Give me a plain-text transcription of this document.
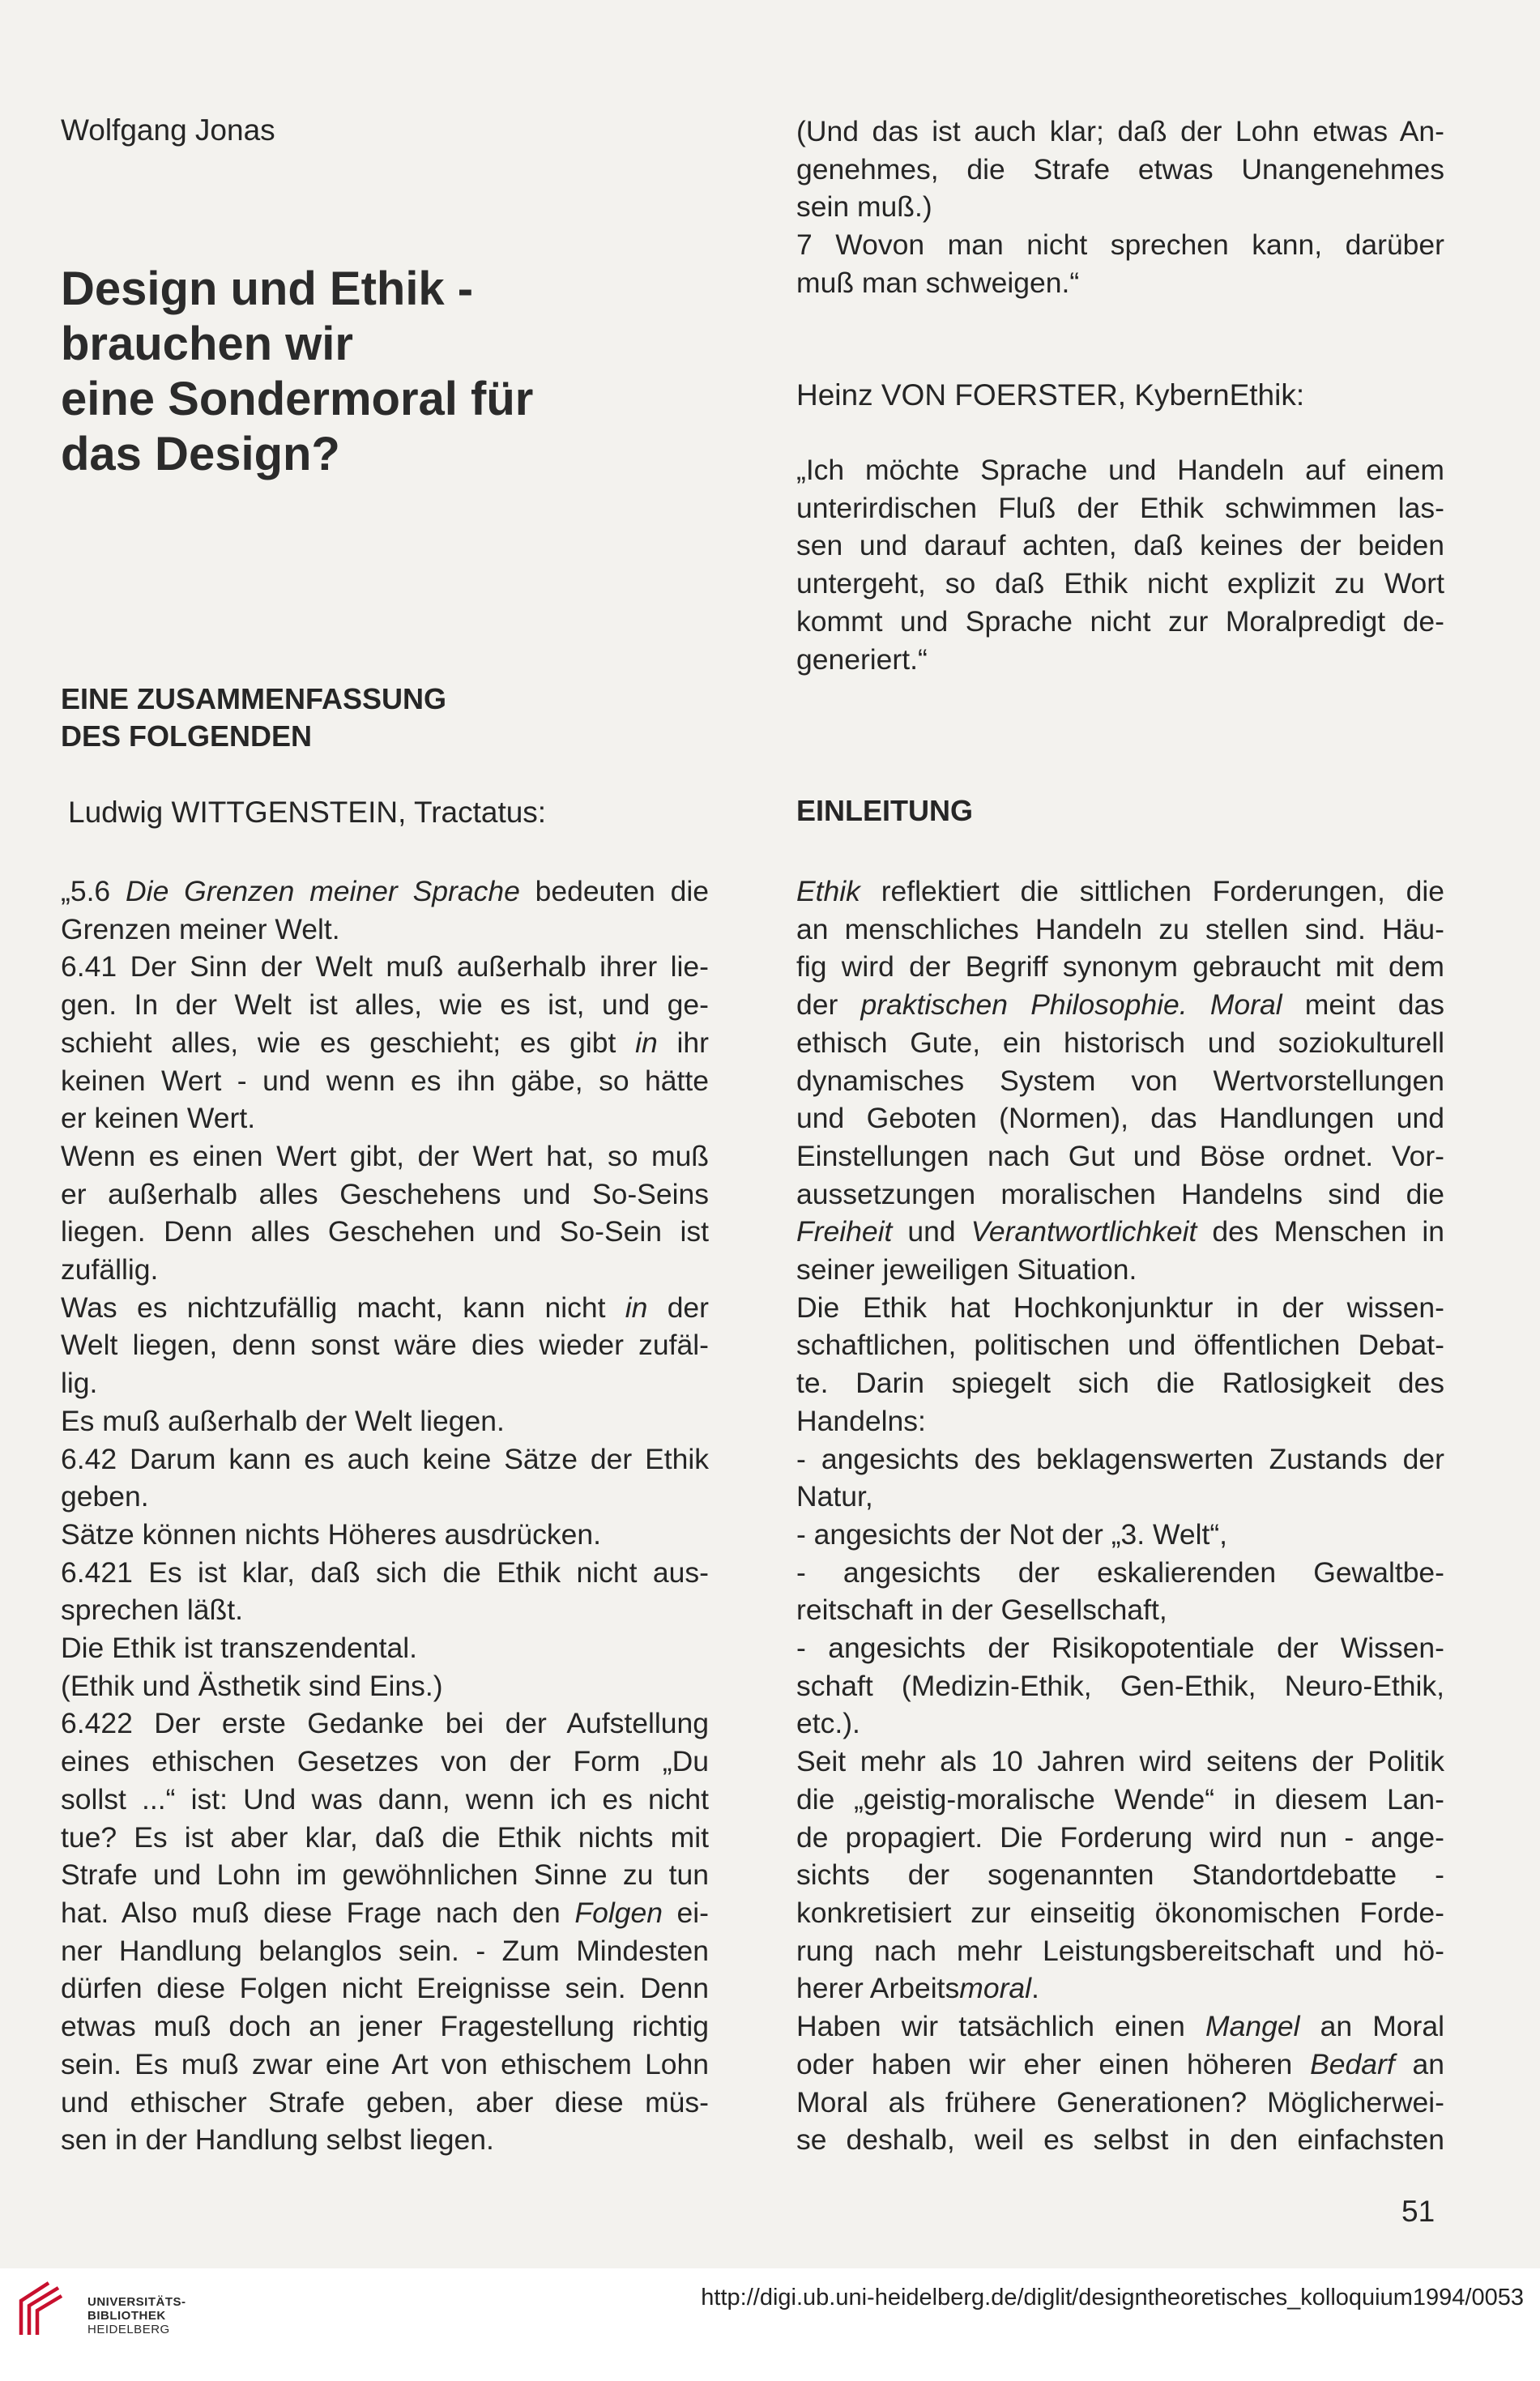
Wolfgang Jonas
Design und Ethik -
brauchen wir
eine Sondermoral für
das Design?
EINE ZUSAMMENFASSUNG
DES FOLGENDEN
Ludwig WITTGENSTEIN, Tractatus:

„5.6 Die Grenzen meiner Sprache bedeuten die

Grenzen meiner Welt.

6.41 Der Sinn der Welt muß außerhalb ihrer lie-

gen. In der Welt ist alles, wie es ist, und ge-

schieht alles, wie es geschieht; es gibt in ihr

keinen Wert - und wenn es ihn gäbe, so hätte

er keinen Wert.

Wenn es einen Wert gibt, der Wert hat, so muß

er außerhalb alles Geschehens und So-Seins

liegen. Denn alles Geschehen und So-Sein ist

zufällig.

Was es nichtzufällig macht, kann nicht in der

Welt liegen, denn sonst wäre dies wieder zufäl-

lig.

Es muß außerhalb der Welt liegen.

6.42 Darum kann es auch keine Sätze der Ethik

geben.

Sätze können nichts Höheres ausdrücken.

6.421 Es ist klar, daß sich die Ethik nicht aus-

sprechen läßt.

Die Ethik ist transzendental.

(Ethik und Ästhetik sind Eins.)

6.422 Der erste Gedanke bei der Aufstellung

eines ethischen Gesetzes von der Form „Du

sollst ...“ ist: Und was dann, wenn ich es nicht

tue? Es ist aber klar, daß die Ethik nichts mit

Strafe und Lohn im gewöhnlichen Sinne zu tun

hat. Also muß diese Frage nach den Folgen ei-

ner Handlung belanglos sein. - Zum Mindesten

dürfen diese Folgen nicht Ereignisse sein. Denn

etwas muß doch an jener Fragestellung richtig

sein. Es muß zwar eine Art von ethischem Lohn

und ethischer Strafe geben, aber diese müs-

sen in der Handlung selbst liegen.

(Und das ist auch klar; daß der Lohn etwas An-

genehmes, die Strafe etwas Unangenehmes

sein muß.)

7 Wovon man nicht sprechen kann, darüber

muß man schweigen.“

Heinz VON FOERSTER, KybernEthik:

„Ich möchte Sprache und Handeln auf einem

unterirdischen Fluß der Ethik schwimmen las-

sen und darauf achten, daß keines der beiden

untergeht, so daß Ethik nicht explizit zu Wort

kommt und Sprache nicht zur Moralpredigt de-

generiert.“

EINLEITUNG

Ethik reflektiert die sittlichen Forderungen, die

an menschliches Handeln zu stellen sind. Häu-

fig wird der Begriff synonym gebraucht mit dem

der praktischen Philosophie. Moral meint das

ethisch Gute, ein historisch und soziokulturell

dynamisches System von Wertvorstellungen

und Geboten (Normen), das Handlungen und

Einstellungen nach Gut und Böse ordnet. Vor-

aussetzungen moralischen Handelns sind die

Freiheit und Verantwortlichkeit des Menschen in

seiner jeweiligen Situation.

Die Ethik hat Hochkonjunktur in der wissen-

schaftlichen, politischen und öffentlichen Debat-

te. Darin spiegelt sich die Ratlosigkeit des

Handelns:

- angesichts des beklagenswerten Zustands der

Natur,

- angesichts der Not der „3. Welt“,

- angesichts der eskalierenden Gewaltbe-

reitschaft in der Gesellschaft,

- angesichts der Risikopotentiale der Wissen-

schaft (Medizin-Ethik, Gen-Ethik, Neuro-Ethik,

etc.).

Seit mehr als 10 Jahren wird seitens der Politik

die „geistig-moralische Wende“ in diesem Lan-

de propagiert. Die Forderung wird nun - ange-

sichts der sogenannten Standortdebatte -

konkretisiert zur einseitig ökonomischen Forde-

rung nach mehr Leistungsbereitschaft und hö-

herer Arbeitsmoral.

Haben wir tatsächlich einen Mangel an Moral

oder haben wir eher einen höheren Bedarf an

Moral als frühere Generationen? Möglicherwei-

se deshalb, weil es selbst in den einfachsten

51
UNIVERSITÄTS-
BIBLIOTHEK
HEIDELBERG
http://digi.ub.uni-heidelberg.de/diglit/designtheoretisches_kolloquium1994/0053
